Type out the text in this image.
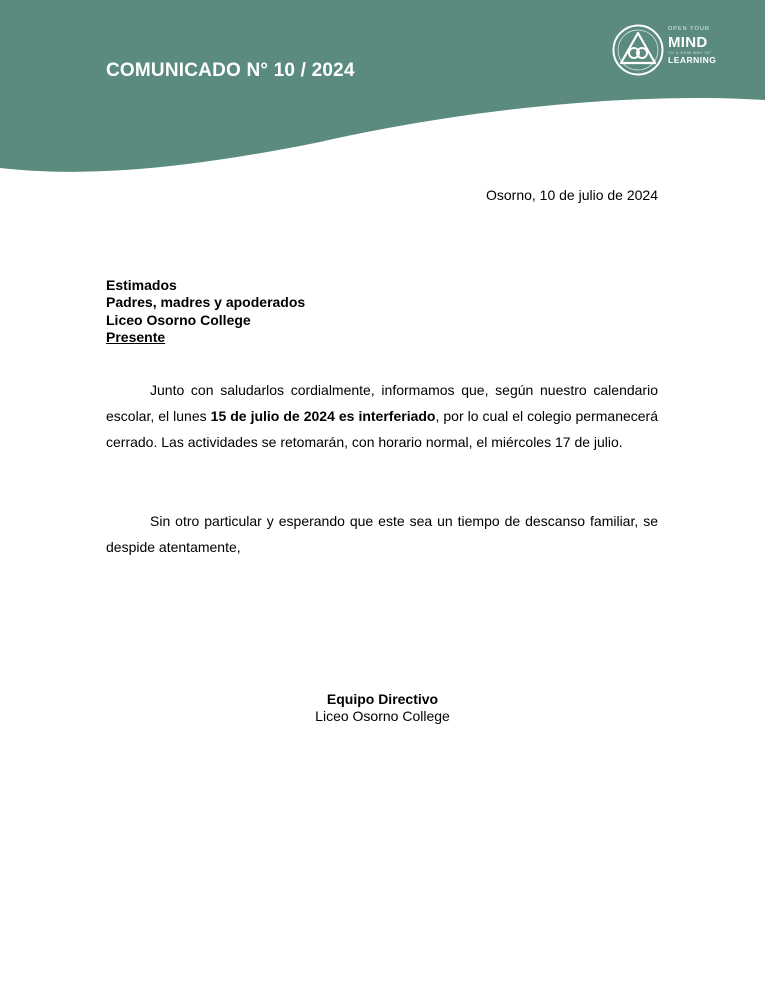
COMUNICADO N° 10 / 2024
OPEN YOUR
MIND
TO A NEW WAY OF
LEARNING
Osorno, 10 de julio de 2024
Estimados
Padres, madres y apoderados
Liceo Osorno College
Presente

Junto con saludarlos cordialmente, informamos que, según nuestro calendario escolar, el lunes 15 de julio de 2024 es interferiado, por lo cual el colegio permanecerá cerrado. Las actividades se retomarán, con horario normal, el miércoles 17 de julio.

Sin otro particular y esperando que este sea un tiempo de descanso familiar, se despide atentamente,

Equipo Directivo
Liceo Osorno College
